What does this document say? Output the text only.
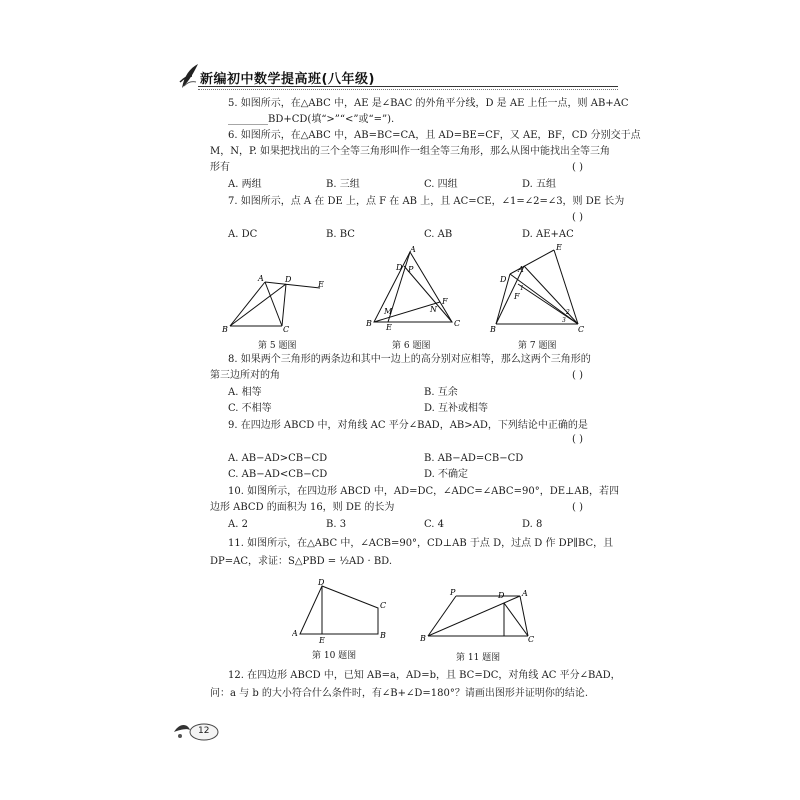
新编初中数学提高班(八年级)
5. 如图所示，在△ABC 中，AE 是∠BAC 的外角平分线，D 是 AE 上任一点，则 AB+AC
________BD+CD(填“>”“<”或“=”).
6. 如图所示，在△ABC 中，AB=BC=CA，且 AD=BE=CF，又 AE，BF，CD 分别交于点
M，N，P. 如果把找出的三个全等三角形叫作一组全等三角形，那么从图中能找出全等三角
形有	( )
A. 两组	B. 三组	C. 四组	D. 五组
7. 如图所示，点 A 在 DE 上，点 F 在 AB 上，且 AC=CE，∠1=∠2=∠3，则 DE 长为
( )
A. DC	B. BC	C. AB	D. AE+AC
A	D
E
B	C
第 5 题图
A
D P
M
E
N
F
B	C
第 6 题图
A
D
F
B	C
E
1
2
3
第 7 题图
8. 如果两个三角形的两条边和其中一边上的高分别对应相等，那么这两个三角形的
第三边所对的角	( )
A. 相等	B. 互余
C. 不相等	D. 互补或相等
9. 在四边形 ABCD 中，对角线 AC 平分∠BAD，AB>AD，下列结论中正确的是
( )
A. AB−AD>CB−CD	B. AB−AD=CB−CD
C. AB−AD<CB−CD	D. 不确定
10. 如图所示，在四边形 ABCD 中，AD=DC，∠ADC=∠ABC=90°，DE⊥AB，若四
边形 ABCD 的面积为 16，则 DE 的长为	( )
A. 2	B. 3	C. 4	D. 8
11. 如图所示，在△ABC 中，∠ACB=90°，CD⊥AB 于点 D，过点 D 作 DP∥BC，且
DP=AC，求证：S△PBD = ½AD · BD.
D
C
A
E
B
第 10 题图
P	D A
B	C
第 11 题图
12. 在四边形 ABCD 中，已知 AB=a，AD=b，且 BC=DC，对角线 AC 平分∠BAD，
问：a 与 b 的大小符合什么条件时，有∠B+∠D=180°？请画出图形并证明你的结论.
12
